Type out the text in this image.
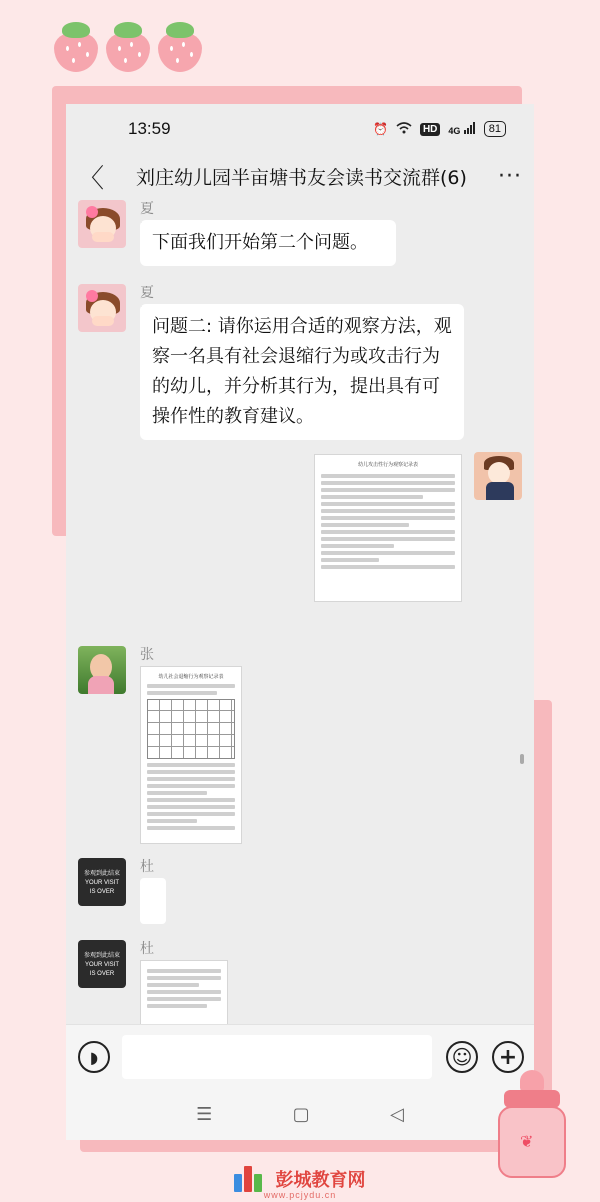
13:59	⏰	HD	4G	81
〈 刘庄幼儿园半亩塘书友会读书交流群(6) ···
夏
下面我们开始第二个问题。
夏
问题二: 请你运用合适的观察方法，观察一名具有社会退缩行为或攻击行为的幼儿，并分析其行为，提出具有可操作性的教育建议。
幼儿攻击性行为观察记录表
张
幼儿社会退缩行为观察记录表
参观到此结束
YOUR VISIT
IS OVER
杜
参观到此结束
YOUR VISIT
IS OVER
杜
◗	☺	+
☰	▢	◁
❦
彭城教育网
www.pcjydu.cn
